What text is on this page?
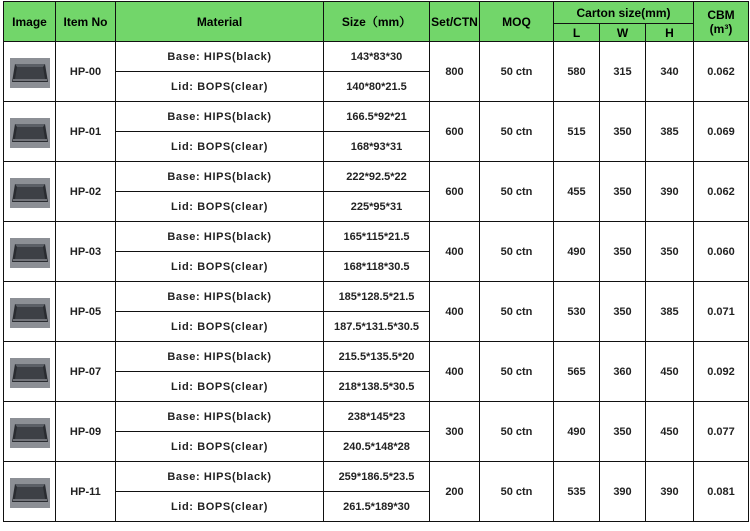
Image	Item No	Material	Size（mm）	Set/CTN	MOQ	Carton size(mm)			CBM
(m³)
						L	W	H	

	HP-00	Base: HIPS(black)	143*83*30	800	50 ctn	580	315	340	0.062
		Lid: BOPS(clear)	140*80*21.5						

	HP-01	Base: HIPS(black)	166.5*92*21	600	50 ctn	515	350	385	0.069
		Lid: BOPS(clear)	168*93*31						

	HP-02	Base: HIPS(black)	222*92.5*22	600	50 ctn	455	350	390	0.062
		Lid: BOPS(clear)	225*95*31						

	HP-03	Base: HIPS(black)	165*115*21.5	400	50 ctn	490	350	350	0.060
		Lid: BOPS(clear)	168*118*30.5						

	HP-05	Base: HIPS(black)	185*128.5*21.5	400	50 ctn	530	350	385	0.071
		Lid: BOPS(clear)	187.5*131.5*30.5						

	HP-07	Base: HIPS(black)	215.5*135.5*20	400	50 ctn	565	360	450	0.092
		Lid: BOPS(clear)	218*138.5*30.5						

	HP-09	Base: HIPS(black)	238*145*23	300	50 ctn	490	350	450	0.077
		Lid: BOPS(clear)	240.5*148*28						

	HP-11	Base: HIPS(black)	259*186.5*23.5	200	50 ctn	535	390	390	0.081
		Lid: BOPS(clear)	261.5*189*30						
